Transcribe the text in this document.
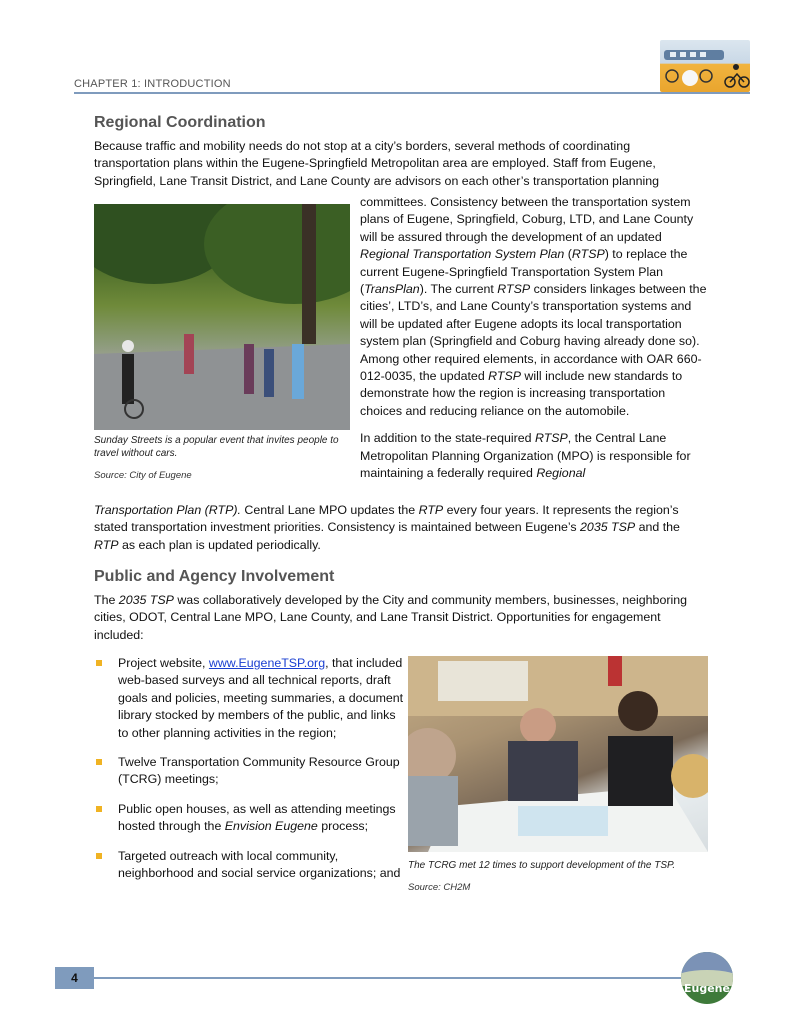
CHAPTER 1: INTRODUCTION
Regional Coordination

Because traffic and mobility needs do not stop at a city’s borders, several methods of coordinating transportation plans within the Eugene-Springfield Metropolitan area are employed. Staff from Eugene, Springfield, Lane Transit District, and Lane County are advisors on each other’s transportation planning

Sunday Streets is a popular event that invites people to travel without cars.
Source: City of Eugene

committees. Consistency between the transportation system plans of Eugene, Springfield, Coburg, LTD, and Lane County will be assured through the development of an updated Regional Transportation System Plan (RTSP) to replace the current Eugene-Springfield Transportation System Plan (TransPlan). The current RTSP considers linkages between the cities’, LTD’s, and Lane County’s transportation systems and will be updated after Eugene adopts its local transportation system plan (Springfield and Coburg having already done so). Among other required elements, in accordance with OAR 660-012-0035, the updated RTSP will include new standards to demonstrate how the region is increasing transportation choices and reducing reliance on the automobile.

In addition to the state-required RTSP, the Central Lane Metropolitan Planning Organization (MPO) is responsible for maintaining a federally required Regional

Transportation Plan (RTP). Central Lane MPO updates the RTP every four years. It represents the region’s stated transportation investment priorities. Consistency is maintained between Eugene’s 2035 TSP and the RTP as each plan is updated periodically.

Public and Agency Involvement

The 2035 TSP was collaboratively developed by the City and community members, businesses, neighboring cities, ODOT, Central Lane MPO, Lane County, and Lane Transit District. Opportunities for engagement included:

Project website, www.EugeneTSP.org, that included web-based surveys and all technical reports, draft goals and policies, meeting summaries, a document library stocked by members of the public, and links to other planning activities in the region;
Twelve Transportation Community Resource Group (TCRG) meetings;
Public open houses, as well as attending meetings hosted through the Envision Eugene process;
Targeted outreach with local community, neighborhood and social service organizations; and
The TCRG met 12 times to support development of the TSP.
Source: CH2M
4
Eugene
